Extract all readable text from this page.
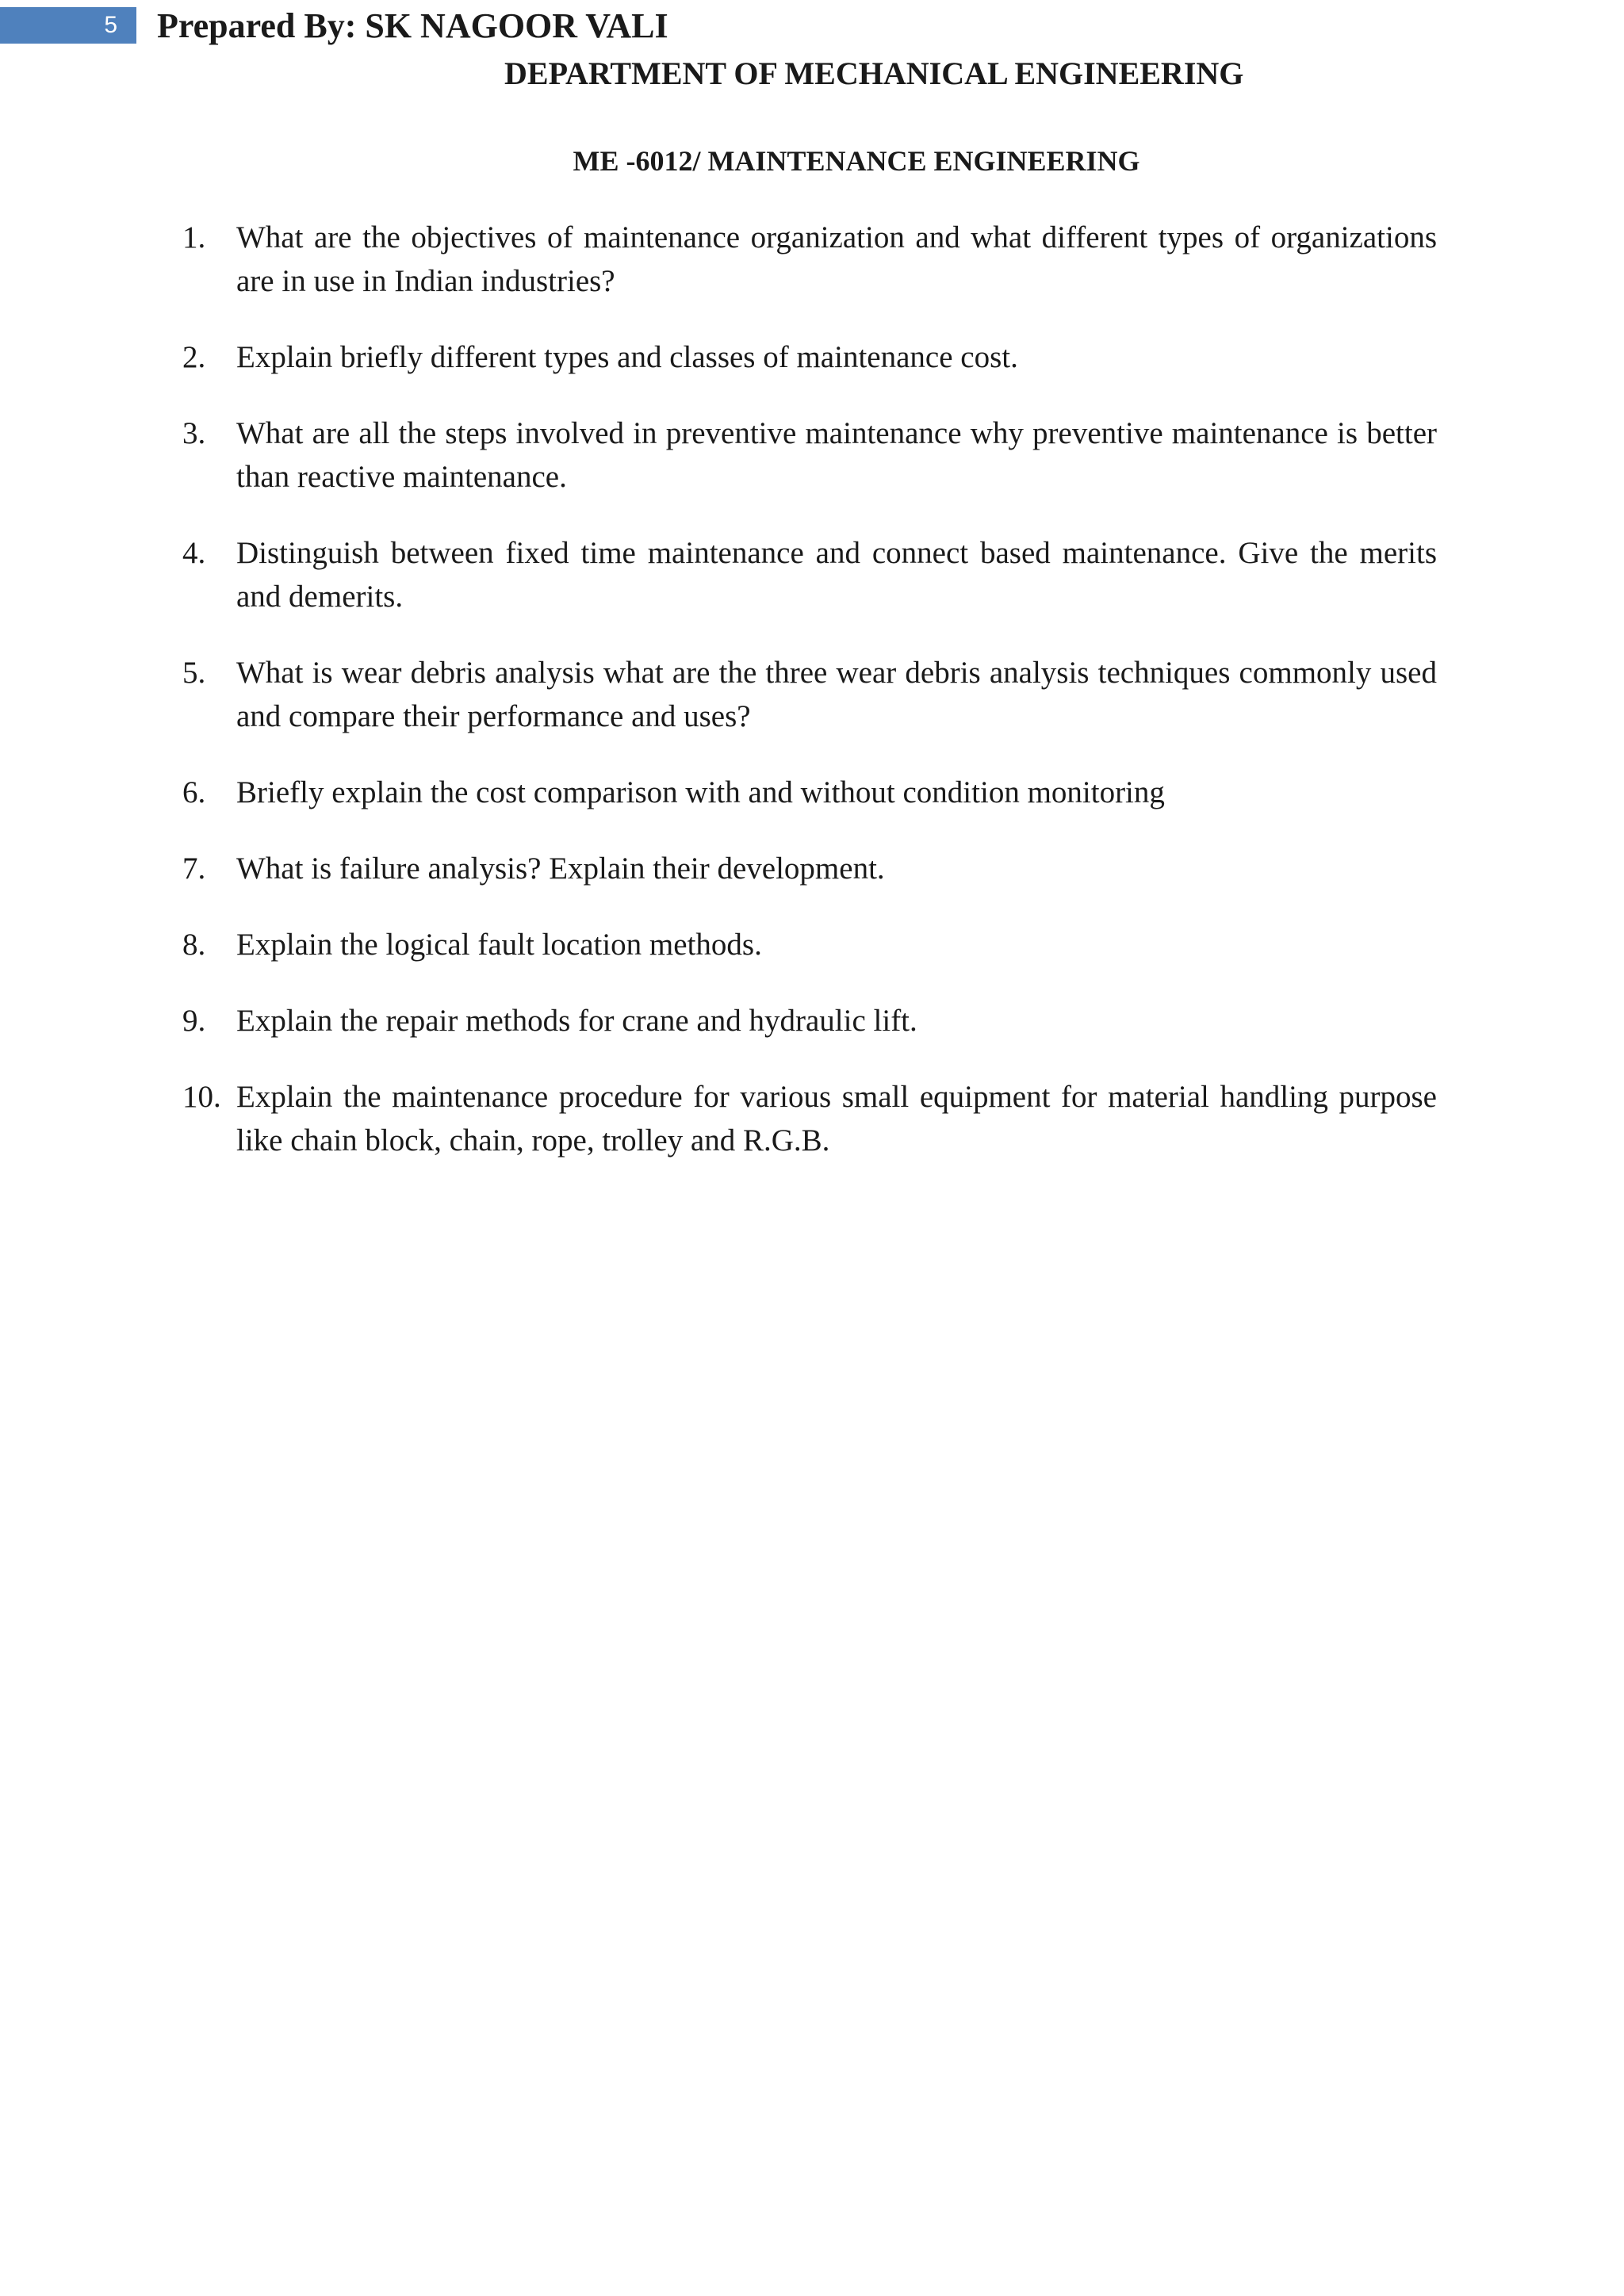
5	Prepared By: SK NAGOOR VALI
DEPARTMENT OF MECHANICAL ENGINEERING
ME -6012/ MAINTENANCE ENGINEERING
1. What are the objectives of maintenance organization and what different types of organizations are in use in Indian industries?
2. Explain briefly different types and classes of maintenance cost.
3. What are all the steps involved in preventive maintenance why preventive maintenance is better than reactive maintenance.
4. Distinguish between fixed time maintenance and connect based maintenance. Give the merits and demerits.
5. What is wear debris analysis what are the three wear debris analysis techniques commonly used and compare their performance and uses?
6. Briefly explain the cost comparison with and without condition monitoring
7. What is failure analysis? Explain their development.
8. Explain the logical fault location methods.
9. Explain the repair methods for crane and hydraulic lift.
10. Explain the maintenance procedure for various small equipment for material handling purpose like chain block, chain, rope, trolley and R.G.B.
